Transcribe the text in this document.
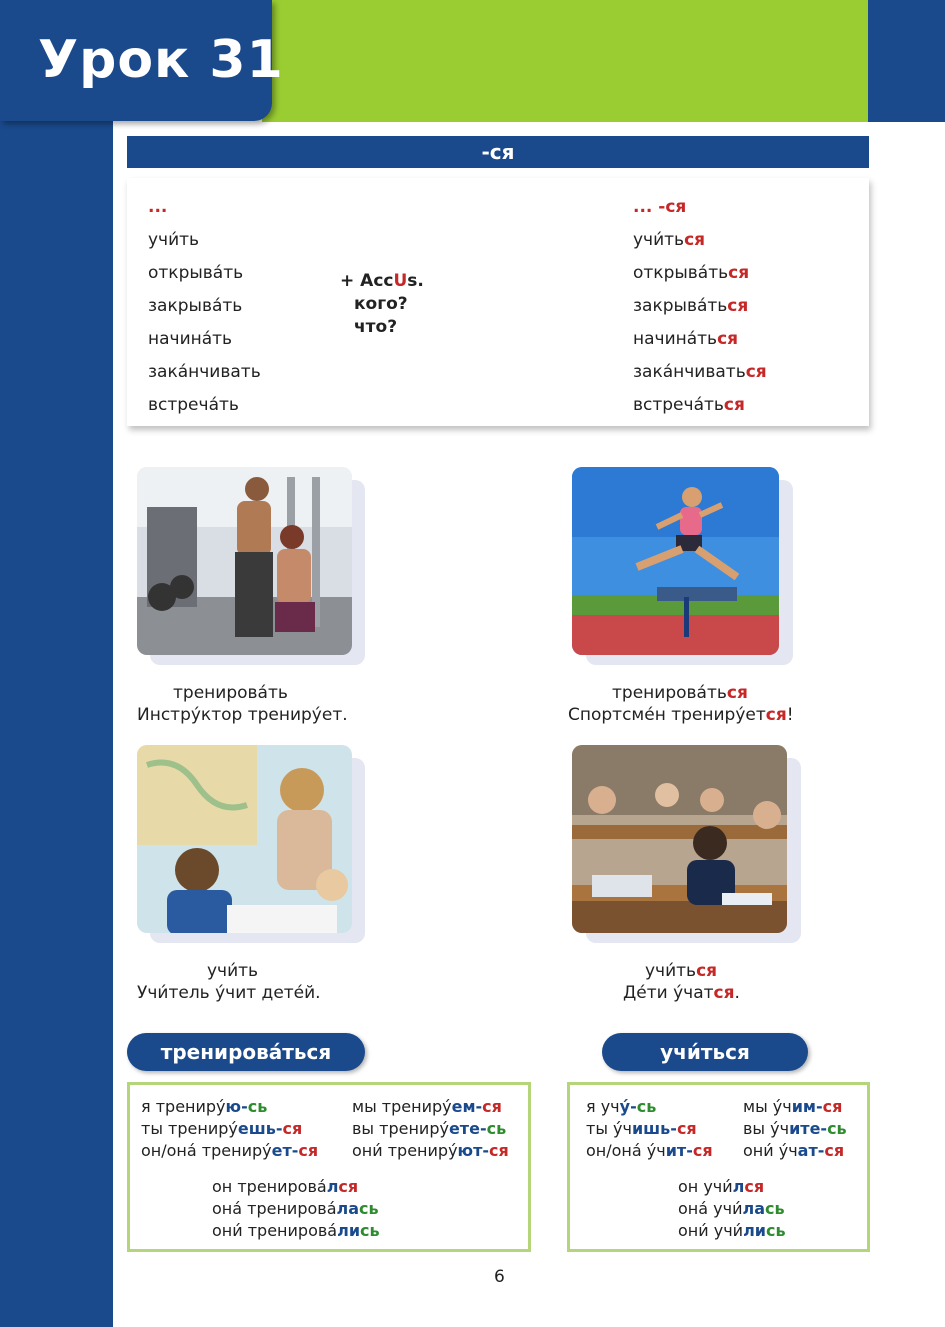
Урок 31
-ся
...
учи́ть
открыва́ть
закрыва́ть
начина́ть
зака́нчивать
встреча́ть
+ AccUs.
кого?
что?
... -ся
учи́ться
открыва́ться
закрыва́ться
начина́ться
зака́нчиваться
встреча́ться
тренирова́ть
Инстру́ктор трениру́ет.
тренирова́ться
Спортсме́н трениру́ется!
учи́ть
Учи́тель у́чит дете́й.
учи́ться
Де́ти у́чатся.
тренирова́ться
я трениру́ю-сь
ты трениру́ешь-ся
он/она́ трениру́ет-ся
мы трениру́ем-ся
вы трениру́ете-сь
они́ трениру́ют-ся
он тренирова́лся
она́ тренирова́лась
они́ тренирова́лись
учи́ться
я учу́-сь
ты у́чишь-ся
он/она́ у́чит-ся
мы у́чим-ся
вы у́чите-сь
они́ у́чат-ся
он учи́лся
она́ учи́лась
они́ учи́лись
6
